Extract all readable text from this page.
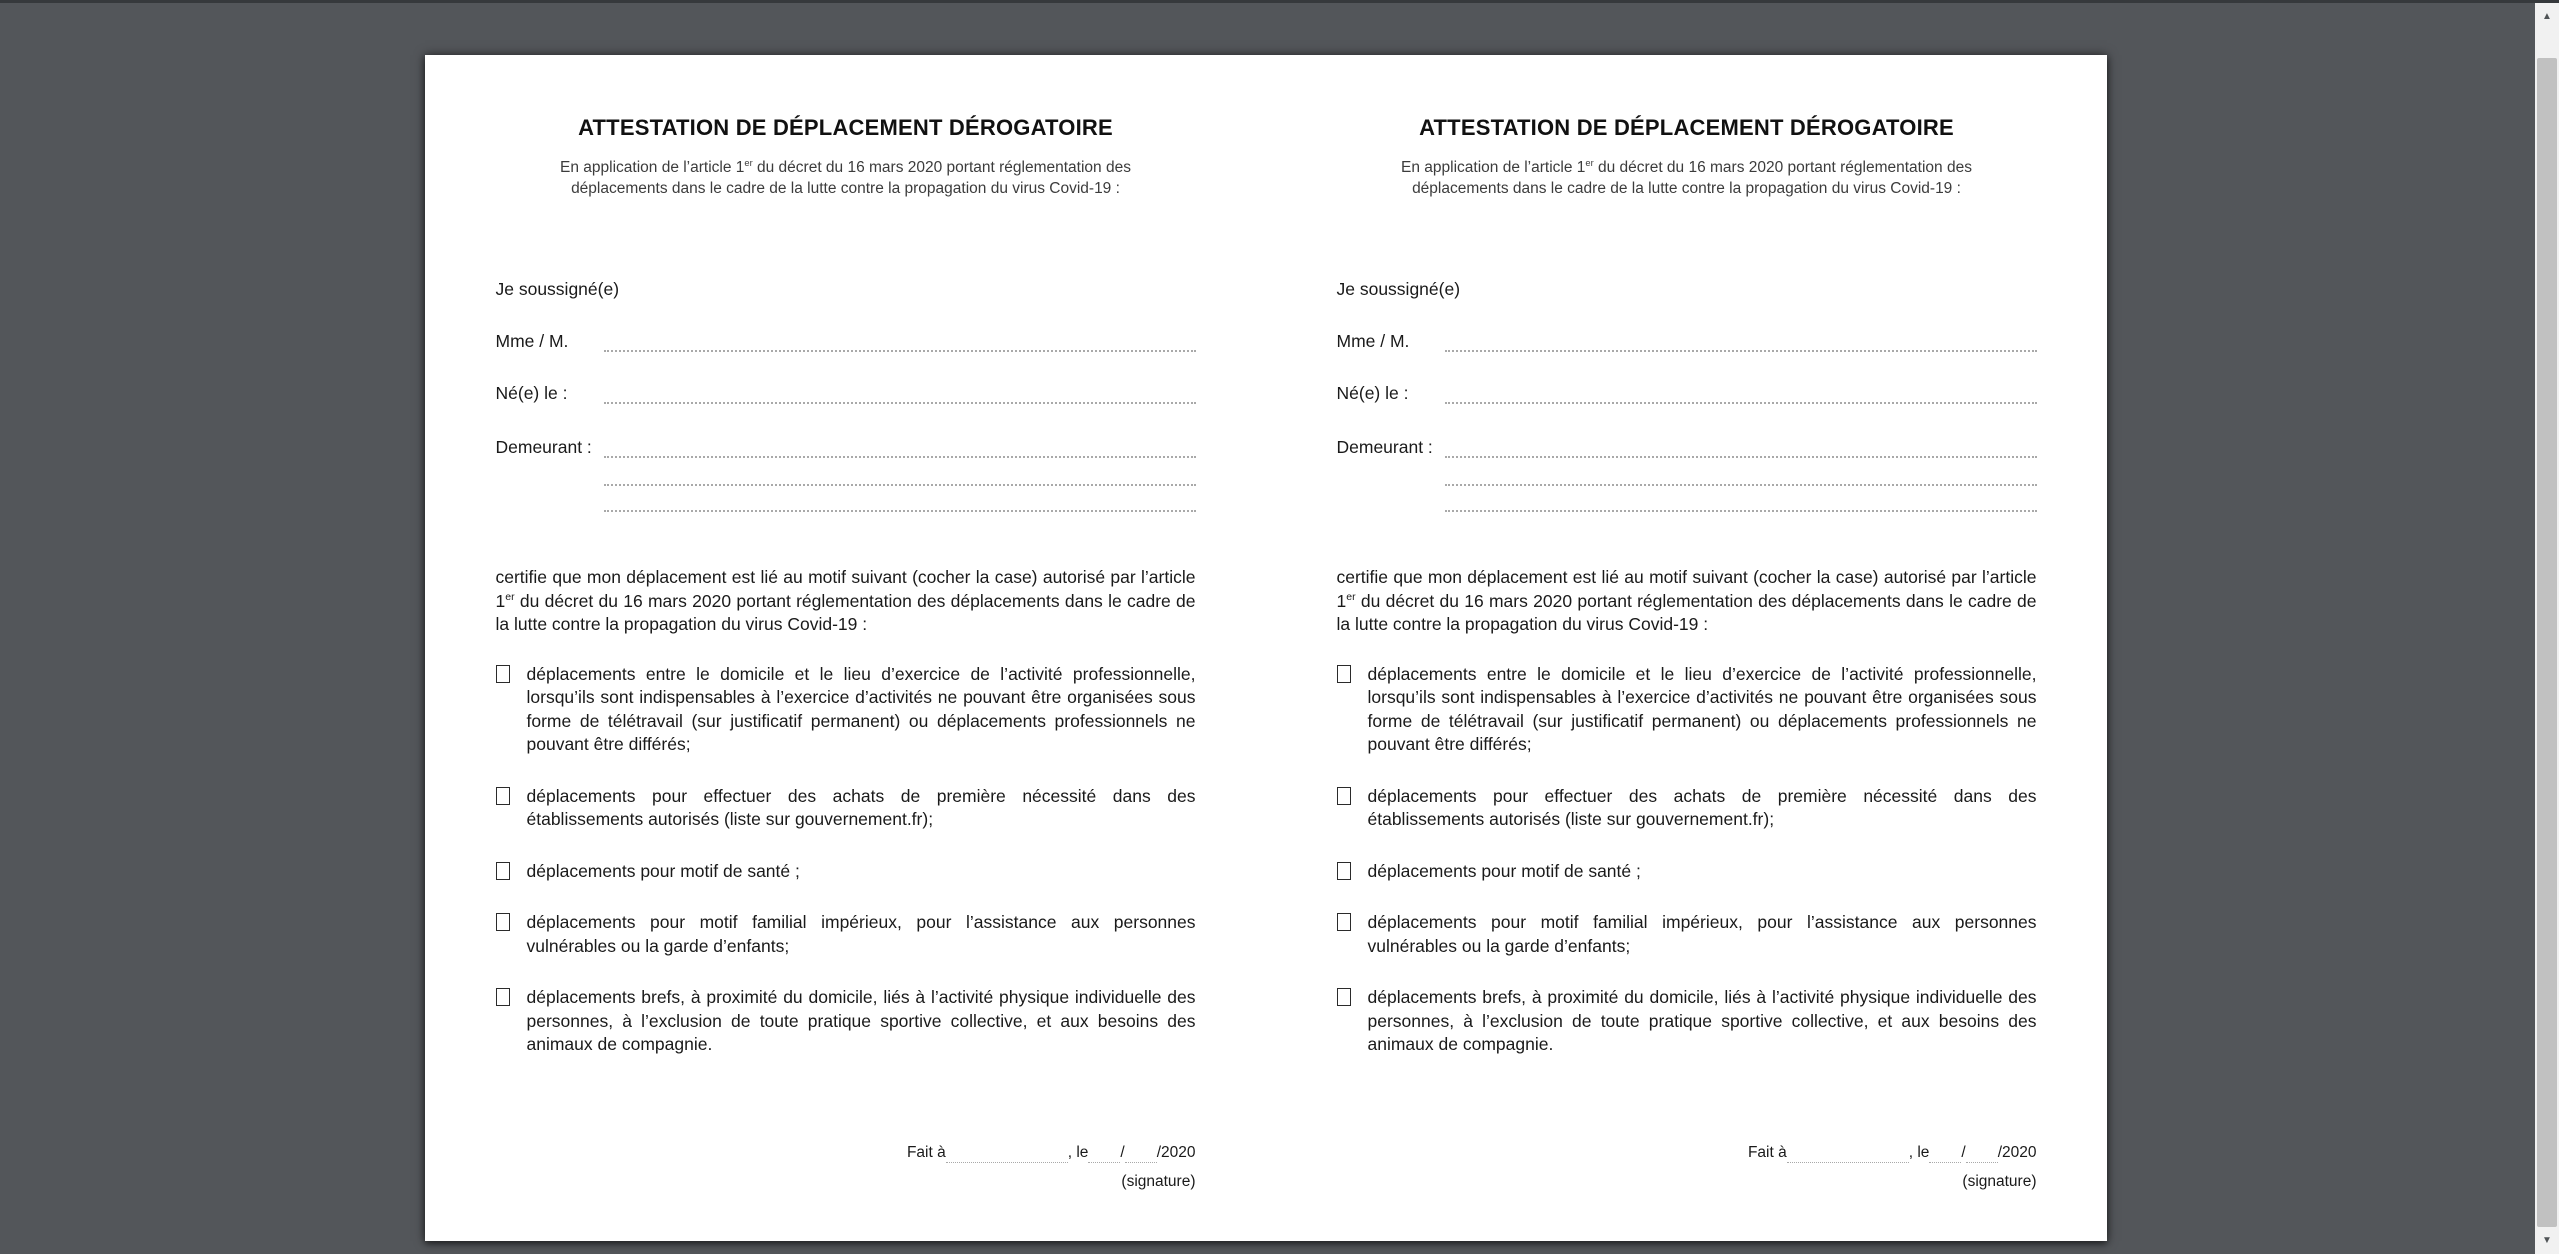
ATTESTATION DE DÉPLACEMENT DÉROGATOIRE

En application de l’article 1er du décret du 16 mars 2020 portant réglementation des déplacements dans le cadre de la lutte contre la propagation du virus Covid-19 :

Je soussigné(e)

Mme / M.
Né(e) le :
Demeurant :

certifie que mon déplacement est lié au motif suivant (cocher la case) autorisé par l’article 1er du décret du 16 mars 2020 portant réglementation des déplacements dans le cadre de la lutte contre la propagation du virus Covid-19 :

déplacements entre le domicile et le lieu d’exercice de l’activité professionnelle, lorsqu’ils sont indispensables à l’exercice d’activités ne pouvant être organisées sous forme de télétravail (sur justificatif permanent) ou déplacements professionnels ne pouvant être différés;
déplacements pour effectuer des achats de première nécessité dans des établissements autorisés (liste sur gouvernement.fr);
déplacements pour motif de santé ;
déplacements pour motif familial impérieux, pour l’assistance aux personnes vulnérables ou la garde d’enfants;
déplacements brefs, à proximité du domicile, liés à l’activité physique individuelle des personnes, à l’exclusion de toute pratique sportive collective, et aux besoins des animaux de compagnie.
Fait à	, le / /2020
(signature)
ATTESTATION DE DÉPLACEMENT DÉROGATOIRE

En application de l’article 1er du décret du 16 mars 2020 portant réglementation des déplacements dans le cadre de la lutte contre la propagation du virus Covid-19 :

Je soussigné(e)

Mme / M.
Né(e) le :
Demeurant :

certifie que mon déplacement est lié au motif suivant (cocher la case) autorisé par l’article 1er du décret du 16 mars 2020 portant réglementation des déplacements dans le cadre de la lutte contre la propagation du virus Covid-19 :

déplacements entre le domicile et le lieu d’exercice de l’activité professionnelle, lorsqu’ils sont indispensables à l’exercice d’activités ne pouvant être organisées sous forme de télétravail (sur justificatif permanent) ou déplacements professionnels ne pouvant être différés;
déplacements pour effectuer des achats de première nécessité dans des établissements autorisés (liste sur gouvernement.fr);
déplacements pour motif de santé ;
déplacements pour motif familial impérieux, pour l’assistance aux personnes vulnérables ou la garde d’enfants;
déplacements brefs, à proximité du domicile, liés à l’activité physique individuelle des personnes, à l’exclusion de toute pratique sportive collective, et aux besoins des animaux de compagnie.
Fait à	, le / /2020
(signature)
▲
▼
